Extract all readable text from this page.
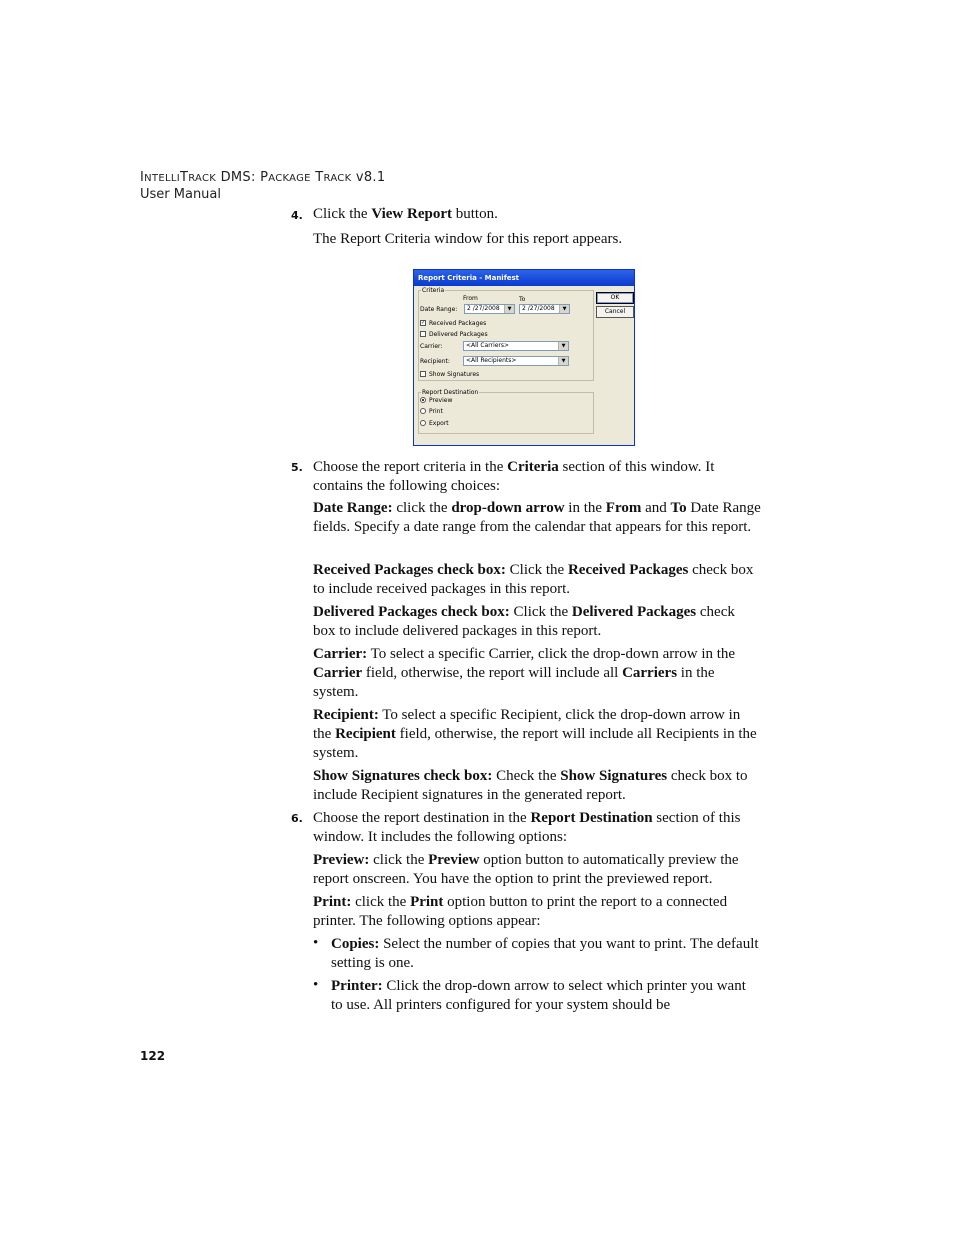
INTELLITRACK DMS: PACKAGE TRACK v8.1
User Manual
4. Click the View Report button.
The Report Criteria window for this report appears.
Report Criteria - Manifest
Criteria
From	To
Date Range:	2 /27/2008	▼	2 /27/2008	▼
✓ Received Packages
Delivered Packages
Carrier:	<All Carriers>	▼
Recipient:	<All Recipients>	▼
Show Signatures
Report Destination
Preview
Print
Export
OK
Cancel
5. Choose the report criteria in the Criteria section of this window. It contains the following choices:
Date Range: click the drop-down arrow in the From and To Date Range fields. Specify a date range from the calendar that appears for this report.
Received Packages check box: Click the Received Packages check box to include received packages in this report.
Delivered Packages check box: Click the Delivered Packages check box to include delivered packages in this report.
Carrier: To select a specific Carrier, click the drop-down arrow in the Carrier field, otherwise, the report will include all Carriers in the system.
Recipient: To select a specific Recipient, click the drop-down arrow in the Recipient field, otherwise, the report will include all Recipients in the system.
Show Signatures check box: Check the Show Signatures check box to include Recipient signatures in the generated report.
6. Choose the report destination in the Report Destination section of this window. It includes the following options:
Preview: click the Preview option button to automatically preview the report onscreen. You have the option to print the previewed report.
Print: click the Print option button to print the report to a connected printer. The following options appear:
• Copies: Select the number of copies that you want to print. The default setting is one.
• Printer: Click the drop-down arrow to select which printer you want to use. All printers configured for your system should be
122
